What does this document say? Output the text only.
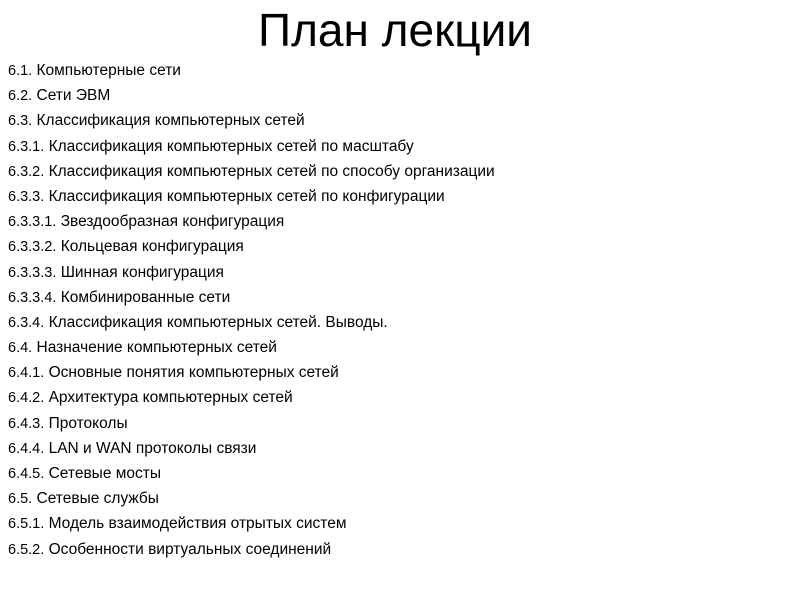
План лекции
6.1. Компьютерные сети
6.2. Сети ЭВМ
6.3. Классификация компьютерных сетей
6.3.1. Классификация компьютерных сетей по масштабу
6.3.2. Классификация компьютерных сетей по способу организации
6.3.3. Классификация компьютерных сетей по конфигурации
6.3.3.1. Звездообразная конфигурация
6.3.3.2. Кольцевая конфигурация
6.3.3.3. Шинная конфигурация
6.3.3.4. Комбинированные сети
6.3.4. Классификация компьютерных сетей. Выводы.
6.4. Назначение компьютерных сетей
6.4.1. Основные понятия компьютерных сетей
6.4.2. Архитектура компьютерных сетей
6.4.3. Протоколы
6.4.4. LAN и WAN протоколы связи
6.4.5. Сетевые мосты
6.5. Сетевые службы
6.5.1. Модель взаимодействия отрытых систем
6.5.2. Особенности виртуальных соединений
